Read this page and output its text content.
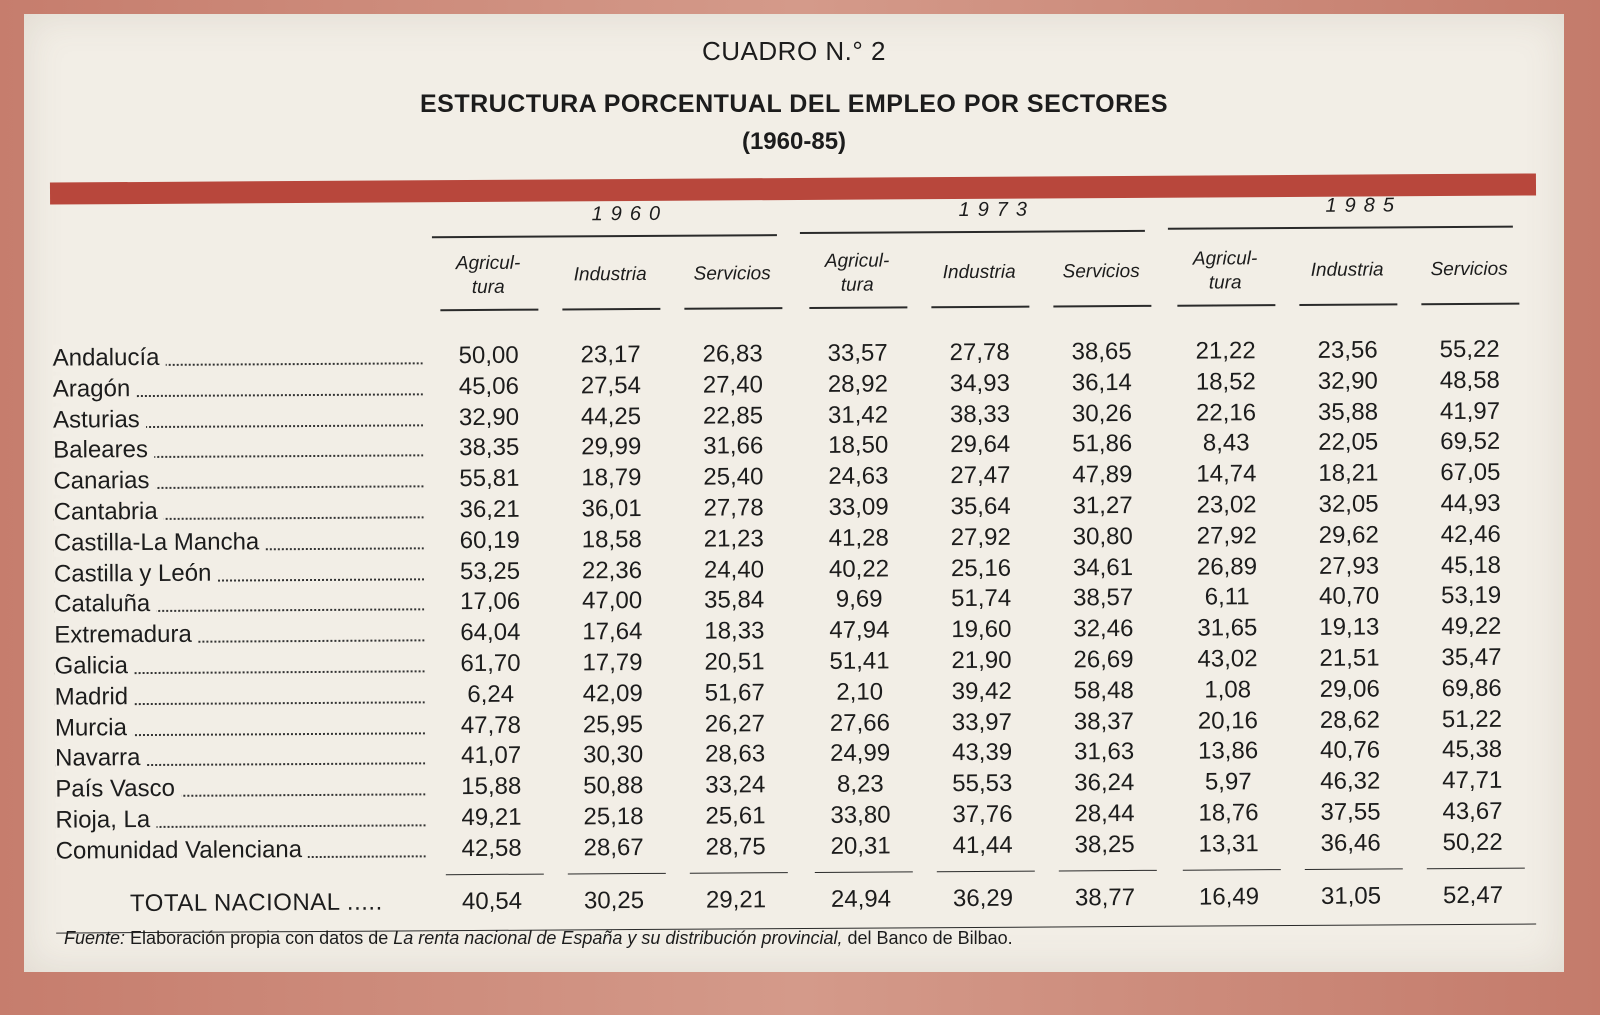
CUADRO N.° 2
ESTRUCTURA PORCENTUAL DEL EMPLEO POR SECTORES
(1960-85)
1960	1973	1985
Agricul-
tura
Industria	Servicios
Agricul-
tura
Industria	Servicios
Agricul-
tura
Industria	Servicios
Andalucía	50,00	23,17	26,83	33,57	27,78	38,65	21,22	23,56	55,22
Aragón	45,06	27,54	27,40	28,92	34,93	36,14	18,52	32,90	48,58
Asturias	32,90	44,25	22,85	31,42	38,33	30,26	22,16	35,88	41,97
Baleares	38,35	29,99	31,66	18,50	29,64	51,86	8,43	22,05	69,52
Canarias	55,81	18,79	25,40	24,63	27,47	47,89	14,74	18,21	67,05
Cantabria	36,21	36,01	27,78	33,09	35,64	31,27	23,02	32,05	44,93
Castilla-La Mancha	60,19	18,58	21,23	41,28	27,92	30,80	27,92	29,62	42,46
Castilla y León	53,25	22,36	24,40	40,22	25,16	34,61	26,89	27,93	45,18
Cataluña	17,06	47,00	35,84	9,69	51,74	38,57	6,11	40,70	53,19
Extremadura	64,04	17,64	18,33	47,94	19,60	32,46	31,65	19,13	49,22
Galicia	61,70	17,79	20,51	51,41	21,90	26,69	43,02	21,51	35,47
Madrid	6,24	42,09	51,67	2,10	39,42	58,48	1,08	29,06	69,86
Murcia	47,78	25,95	26,27	27,66	33,97	38,37	20,16	28,62	51,22
Navarra	41,07	30,30	28,63	24,99	43,39	31,63	13,86	40,76	45,38
País Vasco	15,88	50,88	33,24	8,23	55,53	36,24	5,97	46,32	47,71
Rioja, La	49,21	25,18	25,61	33,80	37,76	28,44	18,76	37,55	43,67
Comunidad Valenciana	42,58	28,67	28,75	20,31	41,44	38,25	13,31	36,46	50,22
TOTAL NACIONAL .....	40,54	30,25	29,21	24,94	36,29	38,77	16,49	31,05	52,47
Fuente: Elaboración propia con datos de La renta nacional de España y su distribución provincial, del Banco de Bilbao.
